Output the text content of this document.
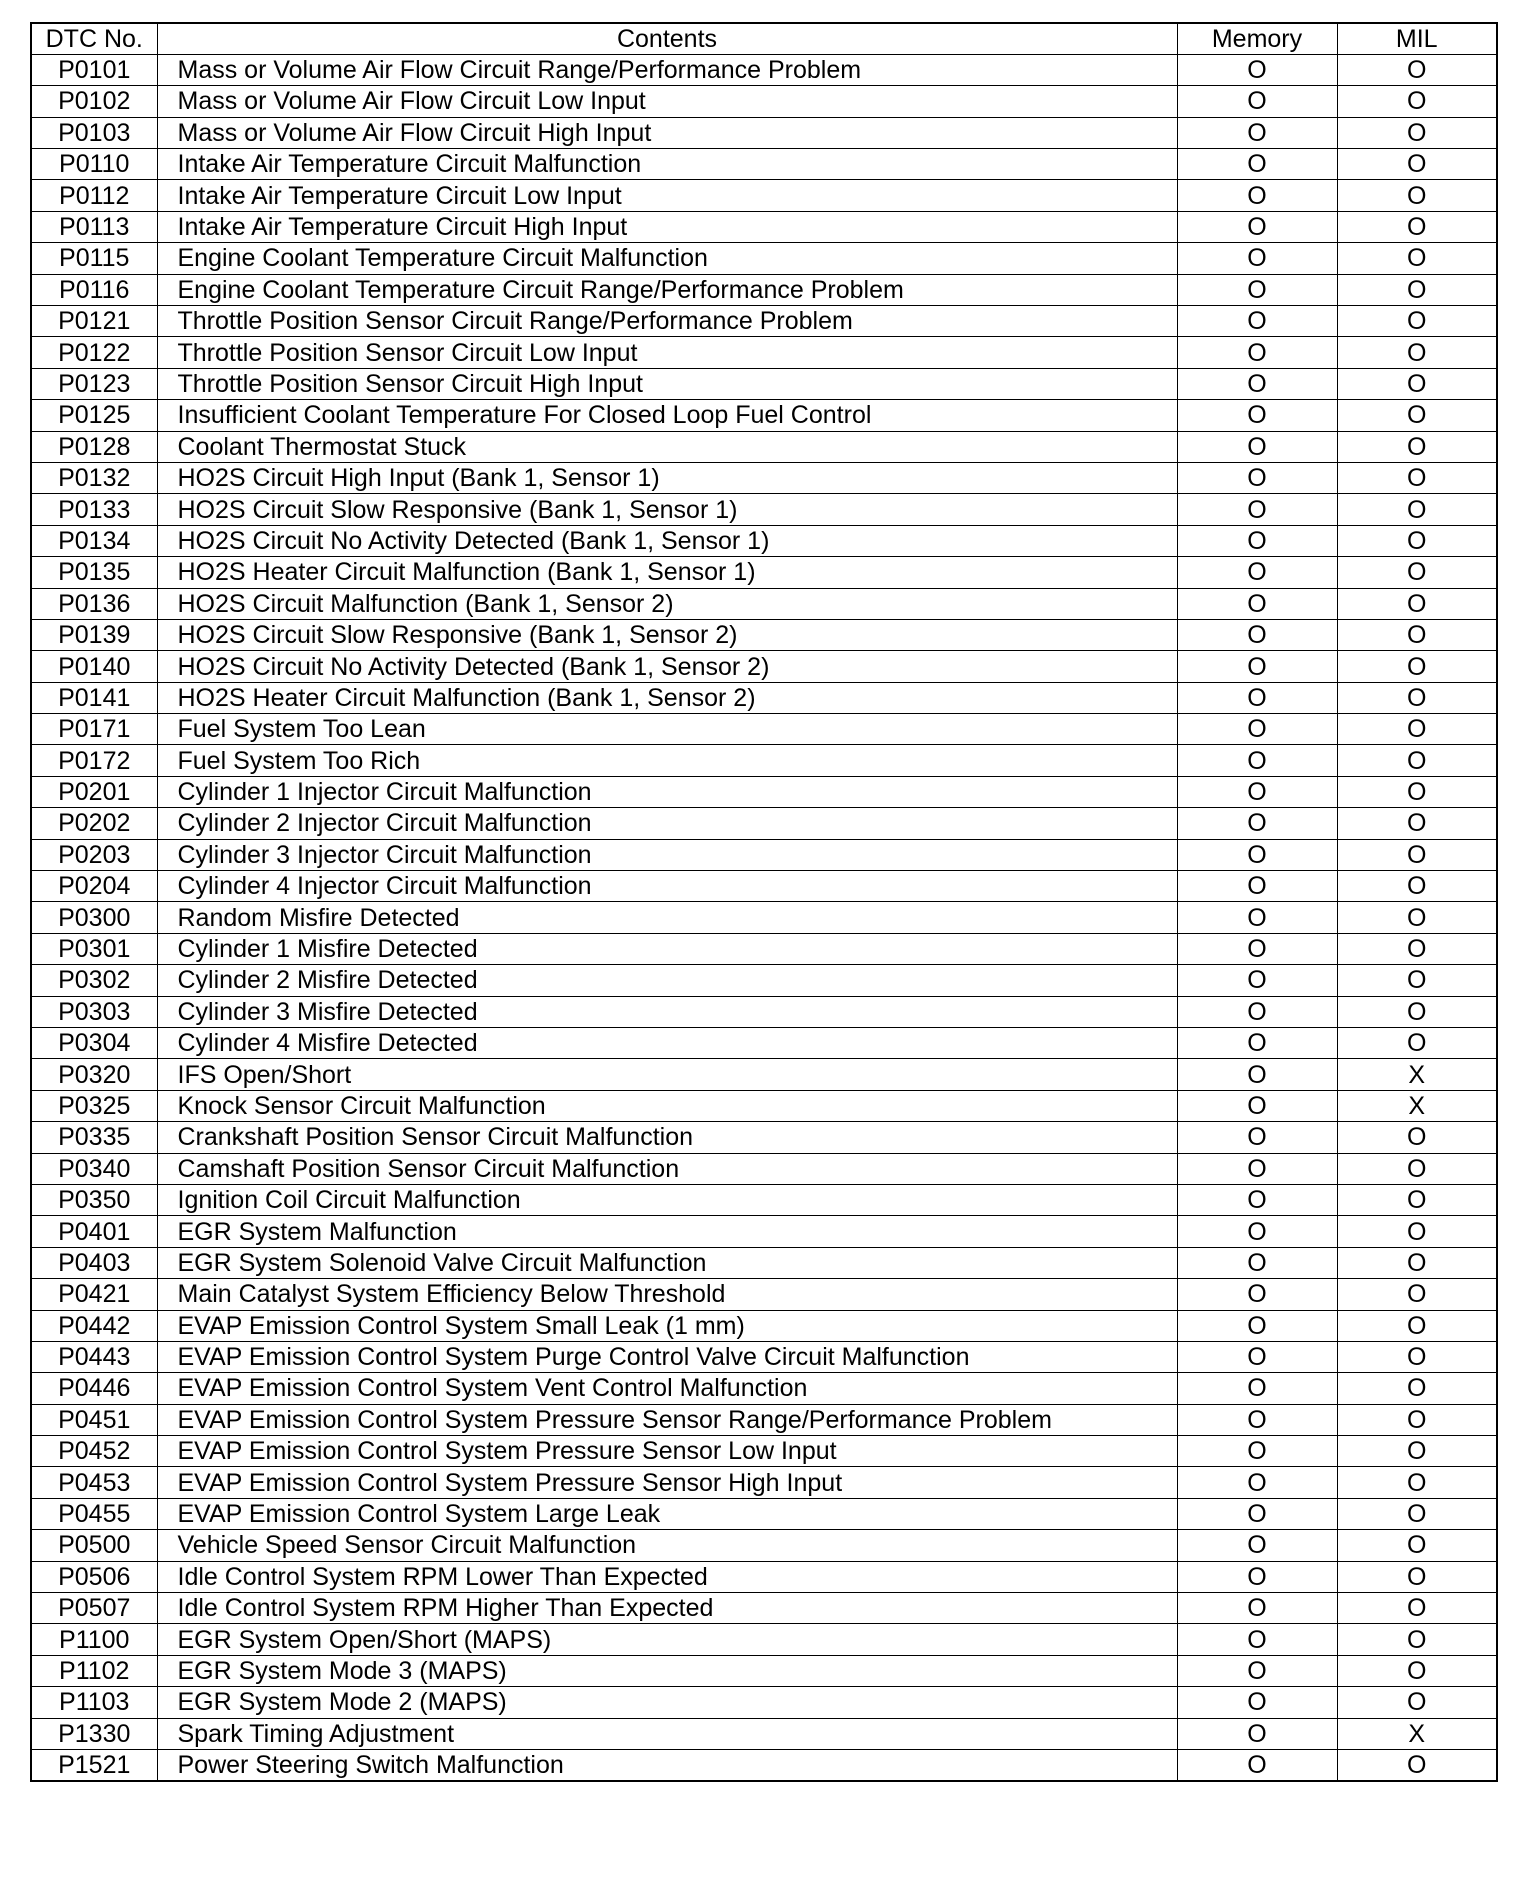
DTC No.	Contents	Memory	MIL
P0101	Mass or Volume Air Flow Circuit Range/Performance Problem	O	O
P0102	Mass or Volume Air Flow Circuit Low Input	O	O
P0103	Mass or Volume Air Flow Circuit High Input	O	O
P0110	Intake Air Temperature Circuit Malfunction	O	O
P0112	Intake Air Temperature Circuit Low Input	O	O
P0113	Intake Air Temperature Circuit High Input	O	O
P0115	Engine Coolant Temperature Circuit Malfunction	O	O
P0116	Engine Coolant Temperature Circuit Range/Performance Problem	O	O
P0121	Throttle Position Sensor Circuit Range/Performance Problem	O	O
P0122	Throttle Position Sensor Circuit Low Input	O	O
P0123	Throttle Position Sensor Circuit High Input	O	O
P0125	Insufficient Coolant Temperature For Closed Loop Fuel Control	O	O
P0128	Coolant Thermostat Stuck	O	O
P0132	HO2S Circuit High Input (Bank 1, Sensor 1)	O	O
P0133	HO2S Circuit Slow Responsive (Bank 1, Sensor 1)	O	O
P0134	HO2S Circuit No Activity Detected (Bank 1, Sensor 1)	O	O
P0135	HO2S Heater Circuit Malfunction (Bank 1, Sensor 1)	O	O
P0136	HO2S Circuit Malfunction (Bank 1, Sensor 2)	O	O
P0139	HO2S Circuit Slow Responsive (Bank 1, Sensor 2)	O	O
P0140	HO2S Circuit No Activity Detected (Bank 1, Sensor 2)	O	O
P0141	HO2S Heater Circuit Malfunction (Bank 1, Sensor 2)	O	O
P0171	Fuel System Too Lean	O	O
P0172	Fuel System Too Rich	O	O
P0201	Cylinder 1 Injector Circuit Malfunction	O	O
P0202	Cylinder 2 Injector Circuit Malfunction	O	O
P0203	Cylinder 3 Injector Circuit Malfunction	O	O
P0204	Cylinder 4 Injector Circuit Malfunction	O	O
P0300	Random Misfire Detected	O	O
P0301	Cylinder 1 Misfire Detected	O	O
P0302	Cylinder 2 Misfire Detected	O	O
P0303	Cylinder 3 Misfire Detected	O	O
P0304	Cylinder 4 Misfire Detected	O	O
P0320	IFS Open/Short	O	X
P0325	Knock Sensor Circuit Malfunction	O	X
P0335	Crankshaft Position Sensor Circuit Malfunction	O	O
P0340	Camshaft Position Sensor Circuit Malfunction	O	O
P0350	Ignition Coil Circuit Malfunction	O	O
P0401	EGR System Malfunction	O	O
P0403	EGR System Solenoid Valve Circuit Malfunction	O	O
P0421	Main Catalyst System Efficiency Below Threshold	O	O
P0442	EVAP Emission Control System Small Leak (1 mm)	O	O
P0443	EVAP Emission Control System Purge Control Valve Circuit Malfunction	O	O
P0446	EVAP Emission Control System Vent Control Malfunction	O	O
P0451	EVAP Emission Control System Pressure Sensor Range/Performance Problem	O	O
P0452	EVAP Emission Control System Pressure Sensor Low Input	O	O
P0453	EVAP Emission Control System Pressure Sensor High Input	O	O
P0455	EVAP Emission Control System Large Leak	O	O
P0500	Vehicle Speed Sensor Circuit Malfunction	O	O
P0506	Idle Control System RPM Lower Than Expected	O	O
P0507	Idle Control System RPM Higher Than Expected	O	O
P1100	EGR System Open/Short (MAPS)	O	O
P1102	EGR System Mode 3 (MAPS)	O	O
P1103	EGR System Mode 2 (MAPS)	O	O
P1330	Spark Timing Adjustment	O	X
P1521	Power Steering Switch Malfunction	O	O
